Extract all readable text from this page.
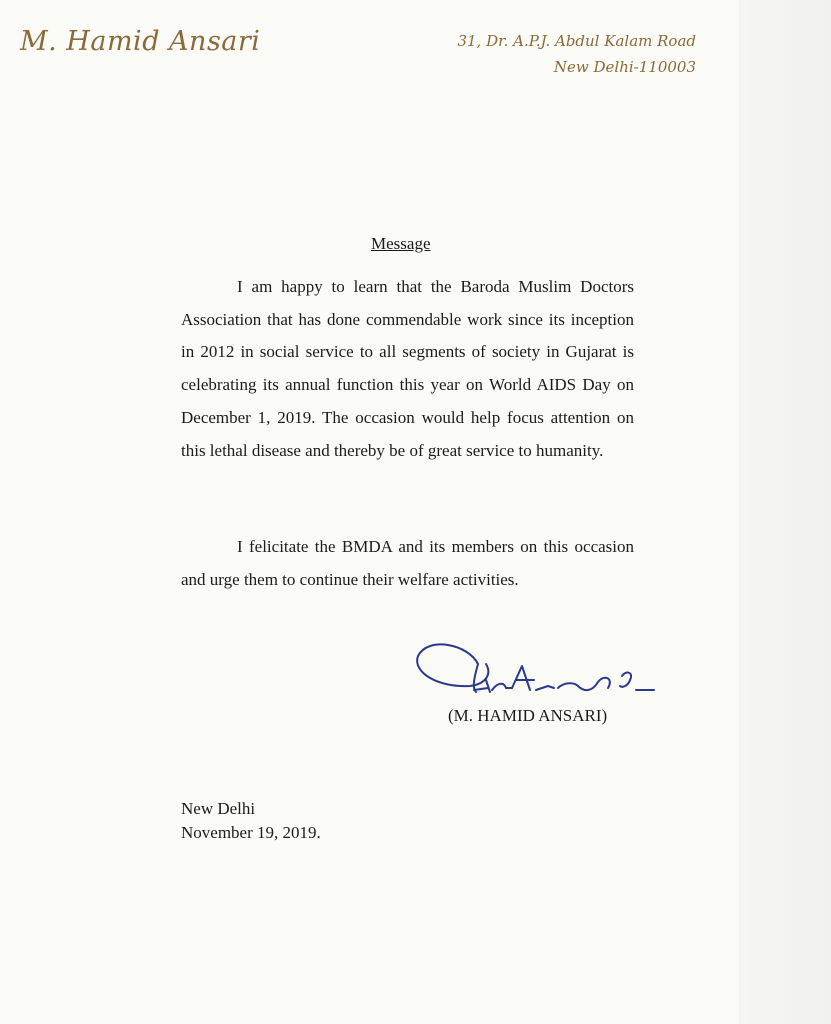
M. Hamid Ansari	31, Dr. A.P.J. Abdul Kalam Road
New Delhi-110003
Message

I am happy to learn that the Baroda Muslim Doctors Association that has done commendable work since its inception in 2012 in social service to all segments of society in Gujarat is celebrating its annual function this year on World AIDS Day on December 1, 2019. The occasion would help focus attention on this lethal disease and thereby be of great service to humanity.

I felicitate the BMDA and its members on this occasion and urge them to continue their welfare activities.

(M. HAMID ANSARI)
New Delhi
November 19, 2019.
